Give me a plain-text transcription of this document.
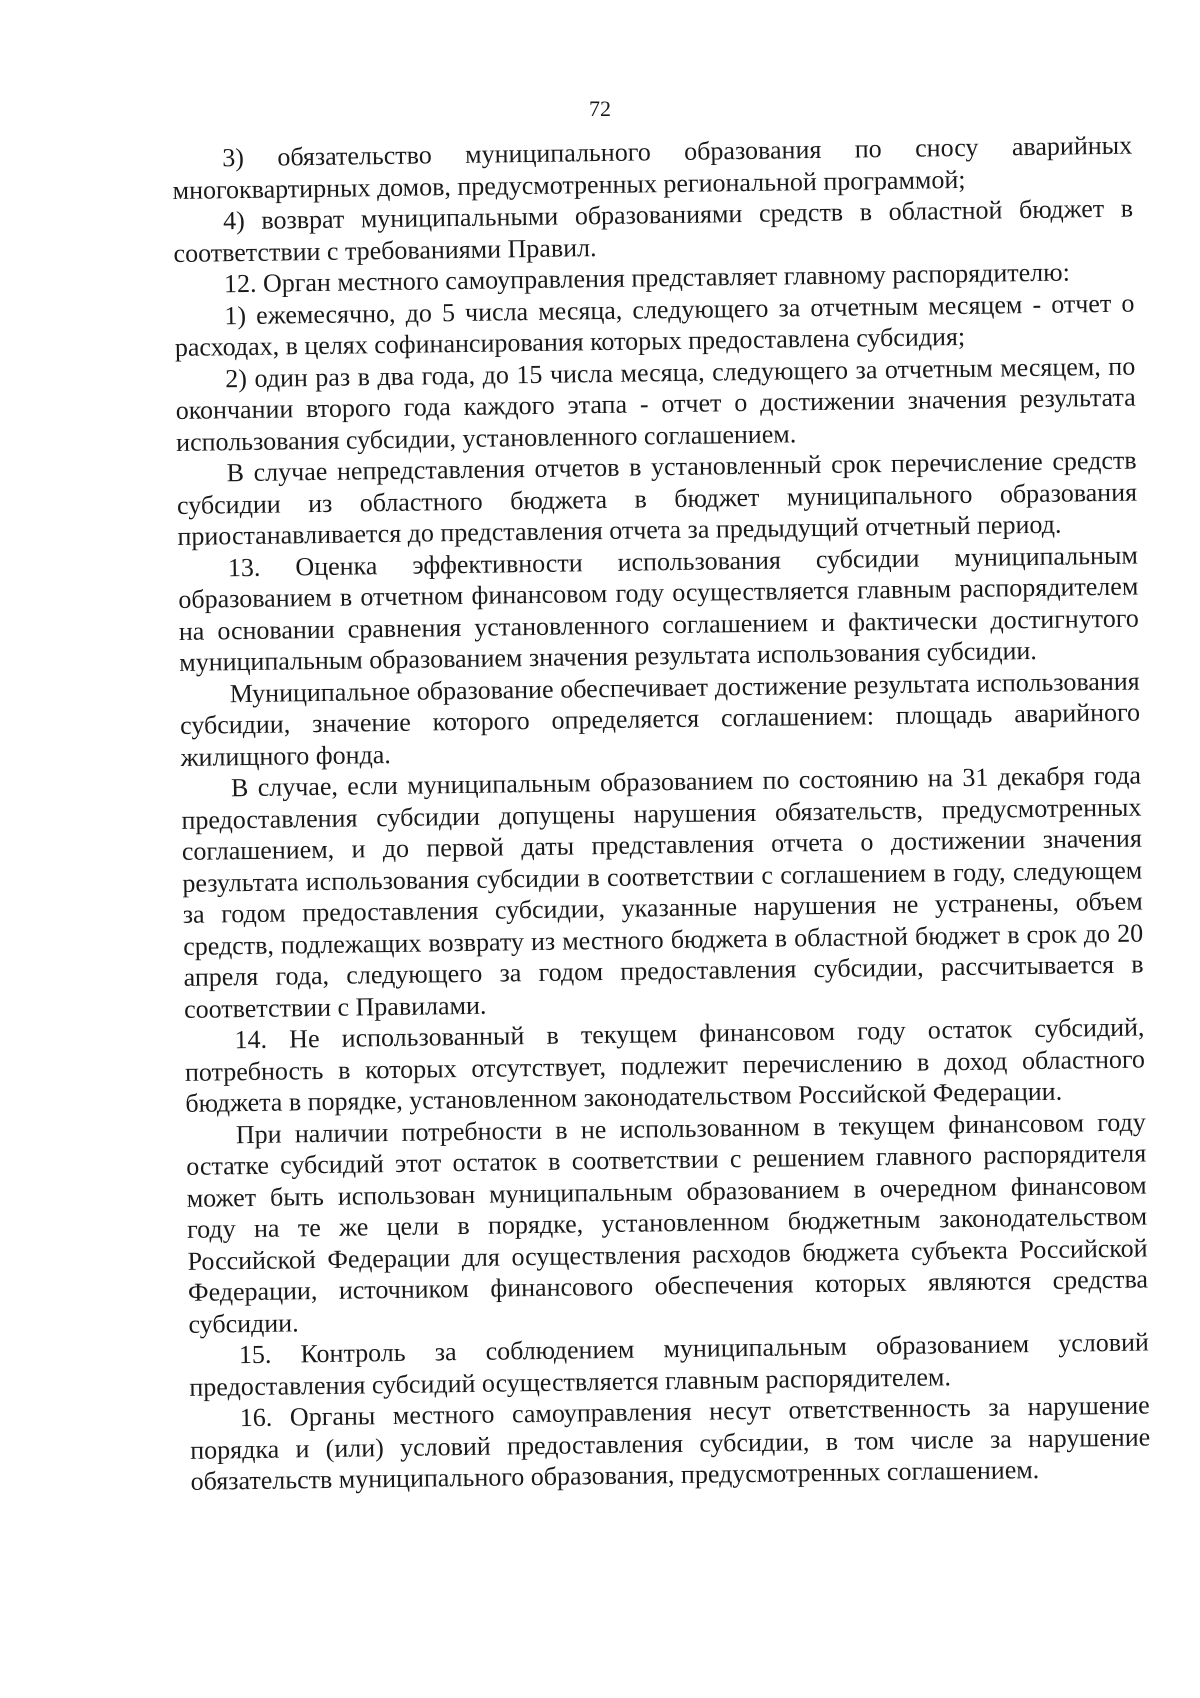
72

3) обязательство муниципального образования по сносу аварийных многоквартирных домов, предусмотренных региональной программой;

4) возврат муниципальными образованиями средств в областной бюджет в соответствии с требованиями Правил.

12. Орган местного самоуправления представляет главному распорядителю:

1) ежемесячно, до 5 числа месяца, следующего за отчетным месяцем - отчет о расходах, в целях софинансирования которых предоставлена субсидия;

2) один раз в два года, до 15 числа месяца, следующего за отчетным месяцем, по окончании второго года каждого этапа - отчет о достижении значения результата использования субсидии, установленного соглашением.

В случае непредставления отчетов в установленный срок перечисление средств субсидии из областного бюджета в бюджет муниципального образования приостанавливается до представления отчета за предыдущий отчетный период.

13. Оценка эффективности использования субсидии муниципальным образованием в отчетном финансовом году осуществляется главным распорядителем на основании сравнения установленного соглашением и фактически достигнутого муниципальным образованием значения результата использования субсидии.

Муниципальное образование обеспечивает достижение результата использования субсидии, значение которого определяется соглашением: площадь аварийного жилищного фонда.

В случае, если муниципальным образованием по состоянию на 31 декабря года предоставления субсидии допущены нарушения обязательств, предусмотренных соглашением, и до первой даты представления отчета о достижении значения результата использования субсидии в соответствии с соглашением в году, следующем за годом предоставления субсидии, указанные нарушения не устранены, объем средств, подлежащих возврату из местного бюджета в областной бюджет в срок до 20 апреля года, следующего за годом предоставления субсидии, рассчитывается в соответствии с Правилами.

14. Не использованный в текущем финансовом году остаток субсидий, потребность в которых отсутствует, подлежит перечислению в доход областного бюджета в порядке, установленном законодательством Российской Федерации.

При наличии потребности в не использованном в текущем финансовом году остатке субсидий этот остаток в соответствии с решением главного распорядителя может быть использован муниципальным образованием в очередном финансовом году на те же цели в порядке, установленном бюджетным законодательством Российской Федерации для осуществления расходов бюджета субъекта Российской Федерации, источником финансового обеспечения которых являются средства субсидии.

15. Контроль за соблюдением муниципальным образованием условий предоставления субсидий осуществляется главным распорядителем.

16. Органы местного самоуправления несут ответственность за нарушение порядка и (или) условий предоставления субсидии, в том числе за нарушение обязательств муниципального образования, предусмотренных соглашением.
